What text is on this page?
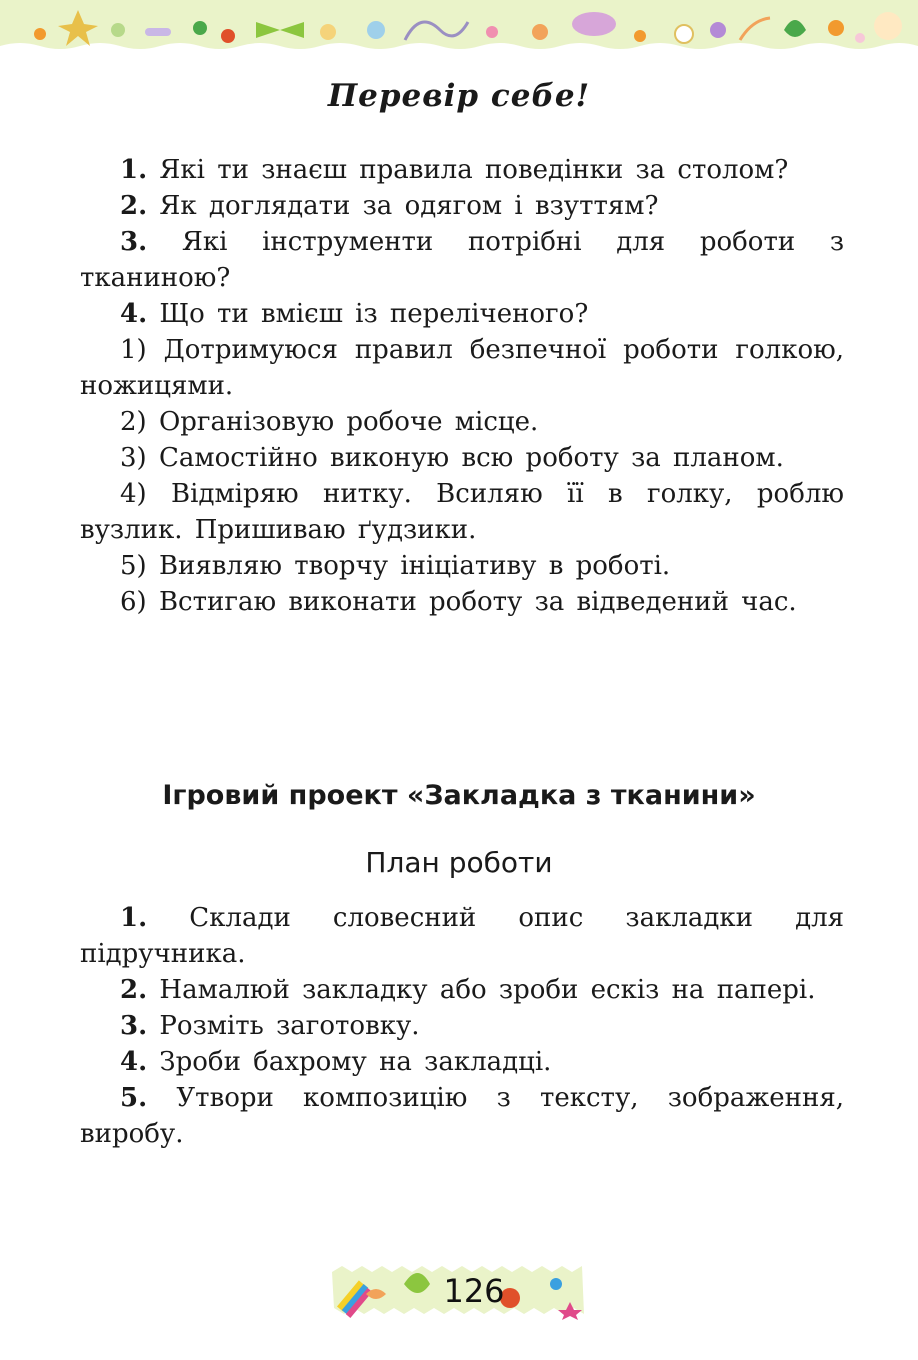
Перевір себе!

1. Які ти знаєш правила поведінки за столом?

2. Як доглядати за одягом і взуттям?

3. Які інструменти потрібні для роботи з тканиною?

4. Що ти вмієш із переліченого?

1) Дотримуюся правил безпечної роботи голкою, ножицями.

2) Організовую робоче місце.

3) Самостійно виконую всю роботу за планом.

4) Відміряю нитку. Всиляю її в голку, роблю вузлик. Пришиваю ґудзики.

5) Виявляю творчу ініціативу в роботі.

6) Встигаю виконати роботу за відведений час.

Ігровий проект «Закладка з тканини»
План роботи

1. Склади словесний опис закладки для підручника.

2. Намалюй закладку або зроби ескіз на папері.

3. Розміть заготовку.

4. Зроби бахрому на закладці.

5. Утвори композицію з тексту, зображення, виробу.

126
